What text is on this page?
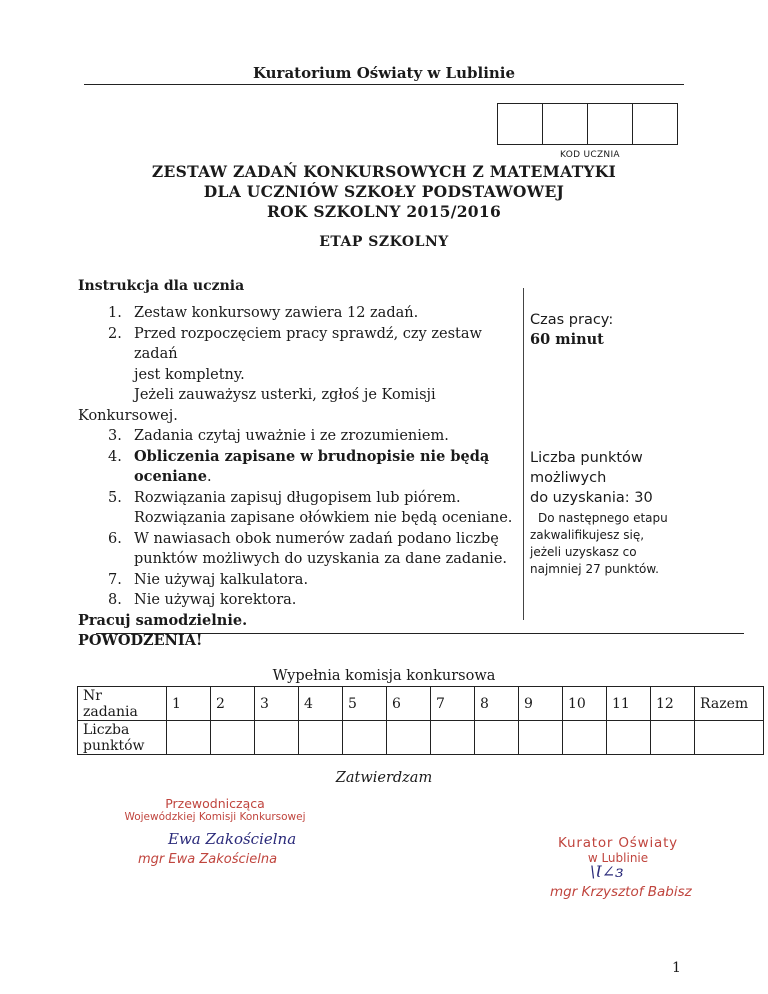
Kuratorium Oświaty w Lublinie
KOD UCZNIA
ZESTAW ZADAŃ KONKURSOWYCH Z MATEMATYKI
DLA UCZNIÓW SZKOŁY PODSTAWOWEJ
ROK SZKOLNY 2015/2016
ETAP SZKOLNY
Instrukcja dla ucznia
1. Zestaw konkursowy zawiera 12 zadań.
2. Przed rozpoczęciem pracy sprawdź, czy zestaw zadań
jest kompletny.
Jeżeli zauważysz usterki, zgłoś je Komisji
Konkursowej.
3. Zadania czytaj uważnie i ze zrozumieniem.
4. Obliczenia zapisane w brudnopisie nie będą
oceniane.
5. Rozwiązania zapisuj długopisem lub piórem.
Rozwiązania zapisane ołówkiem nie będą oceniane.
6. W nawiasach obok numerów zadań podano liczbę
punktów możliwych do uzyskania za dane zadanie.
7. Nie używaj kalkulatora.
8. Nie używaj korektora.
Pracuj samodzielnie.
POWODZENIA!
Czas pracy:
60 minut
Liczba punktów
możliwych
do uzyskania: 30
Do następnego etapu
zakwalifikujesz się,
jeżeli uzyskasz co
najmniej 27 punktów.
Wypełnia komisja konkursowa
Nr zadania	1	2	3	4	5	6	7	8	9	10	11	12	Razem

Liczba
punktów													

Zatwierdzam
Przewodnicząca
Wojewódzkiej Komisji Konkursowej
Ewa Zakościelna
mgr Ewa Zakościelna
Kurator Oświaty
w Lublinie
\Ɩ∠ɜ
mgr Krzysztof Babisz
1
